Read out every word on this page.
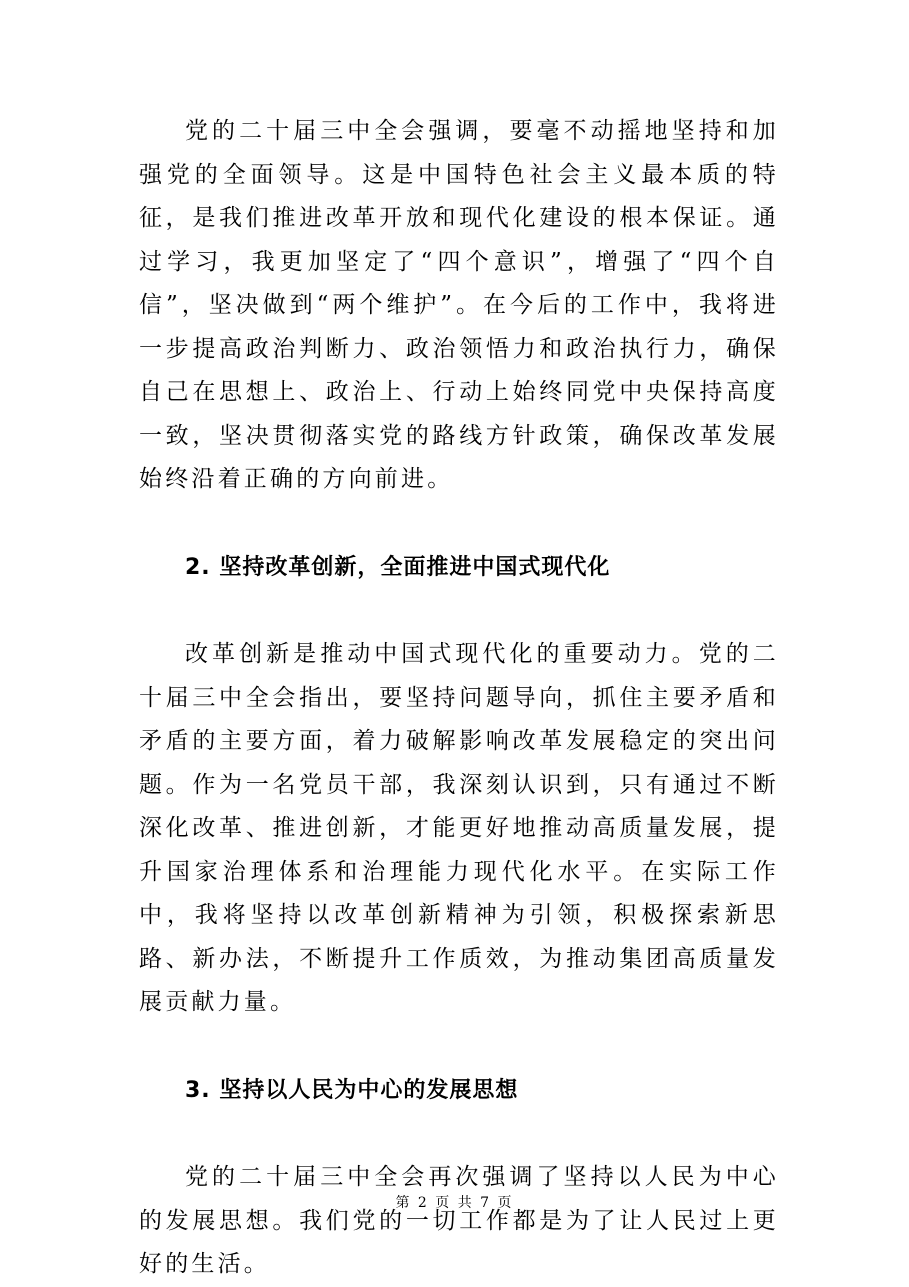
党的二十届三中全会强调，要毫不动摇地坚持和加强党的全面领导。这是中国特色社会主义最本质的特征，是我们推进改革开放和现代化建设的根本保证。通过学习，我更加坚定了“四个意识”，增强了“四个自信”，坚决做到“两个维护”。在今后的工作中，我将进一步提高政治判断力、政治领悟力和政治执行力，确保自己在思想上、政治上、行动上始终同党中央保持高度一致，坚决贯彻落实党的路线方针政策，确保改革发展始终沿着正确的方向前进。

2. 坚持改革创新，全面推进中国式现代化

改革创新是推动中国式现代化的重要动力。党的二十届三中全会指出，要坚持问题导向，抓住主要矛盾和矛盾的主要方面，着力破解影响改革发展稳定的突出问题。作为一名党员干部，我深刻认识到，只有通过不断深化改革、推进创新，才能更好地推动高质量发展，提升国家治理体系和治理能力现代化水平。在实际工作中，我将坚持以改革创新精神为引领，积极探索新思路、新办法，不断提升工作质效，为推动集团高质量发展贡献力量。

3. 坚持以人民为中心的发展思想

党的二十届三中全会再次强调了坚持以人民为中心的发展思想。我们党的一切工作都是为了让人民过上更好的生活。

第 2 页 共 7 页
